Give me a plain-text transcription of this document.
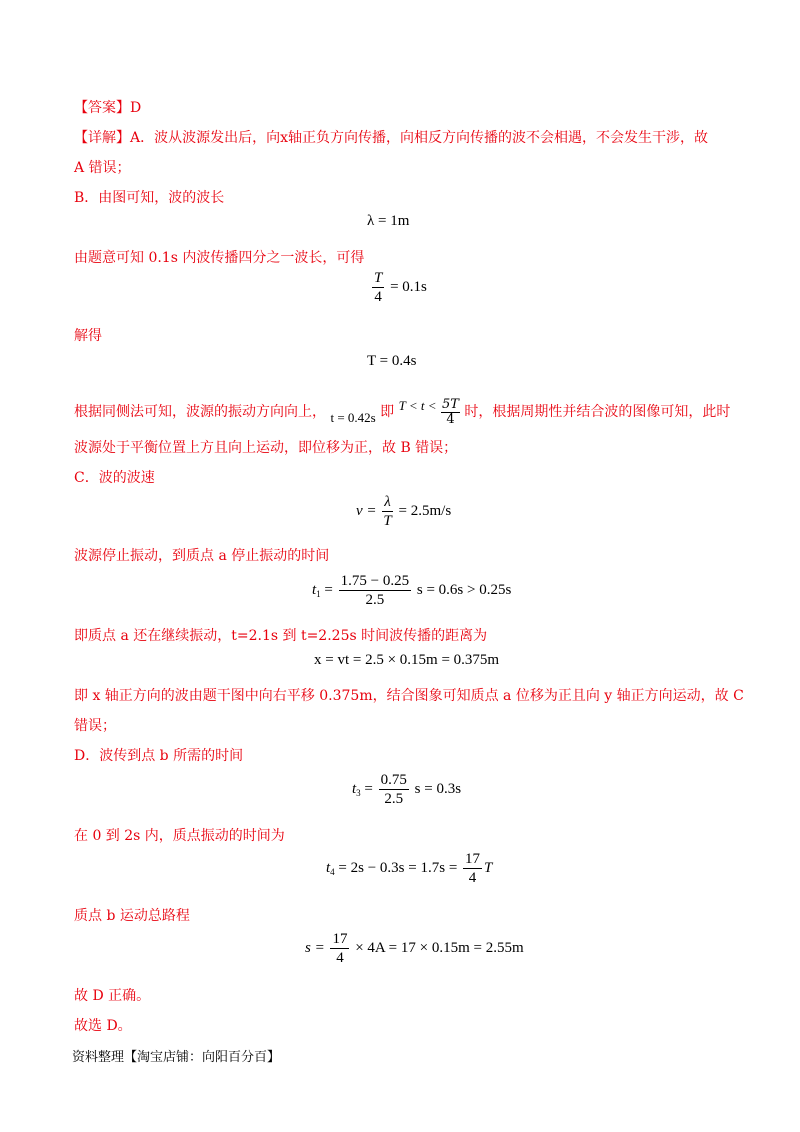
【答案】D
【详解】A．波从波源发出后，向x轴正负方向传播，向相反方向传播的波不会相遇，不会发生干涉，故
A 错误；
B．由图可知，波的波长
λ = 1m
由题意可知 0.1s 内波传播四分之一波长，可得
$\frac{T}{4} = 0.1s$
解得
T = 0.4s
根据同侧法可知，波源的振动方向向上， t = 0.42s 即 $T < t < \frac{5T}{4}$ 时，根据周期性并结合波的图像可知，此时
波源处于平衡位置上方且向上运动，即位移为正，故 B 错误；
C．波的波速
$v = \frac{\lambda}{T} = 2.5m/s$
波源停止振动，到质点 a 停止振动的时间
$t_1 = \frac{1.75 - 0.25}{2.5}$ s = 0.6s > 0.25s
即质点 a 还在继续振动，t=2.1s 到 t=2.25s 时间波传播的距离为
x = vt = 2.5 × 0.15m = 0.375m
即 x 轴正方向的波由题干图中向右平移 0.375m，结合图象可知质点 a 位移为正且向 y 轴正方向运动，故 C
错误；
D．波传到点 b 所需的时间
$t_3 = \frac{0.75}{2.5}$ s = 0.3s
在 0 到 2s 内，质点振动的时间为
$t_4 = 2s - 0.3s = 1.7s = \frac{17}{4}$ T
质点 b 运动总路程
$s = \frac{17}{4} \times 4A = 17 \times 0.15m = 2.55m$
故 D 正确。
故选 D。
资料整理【淘宝店铺：向阳百分百】
